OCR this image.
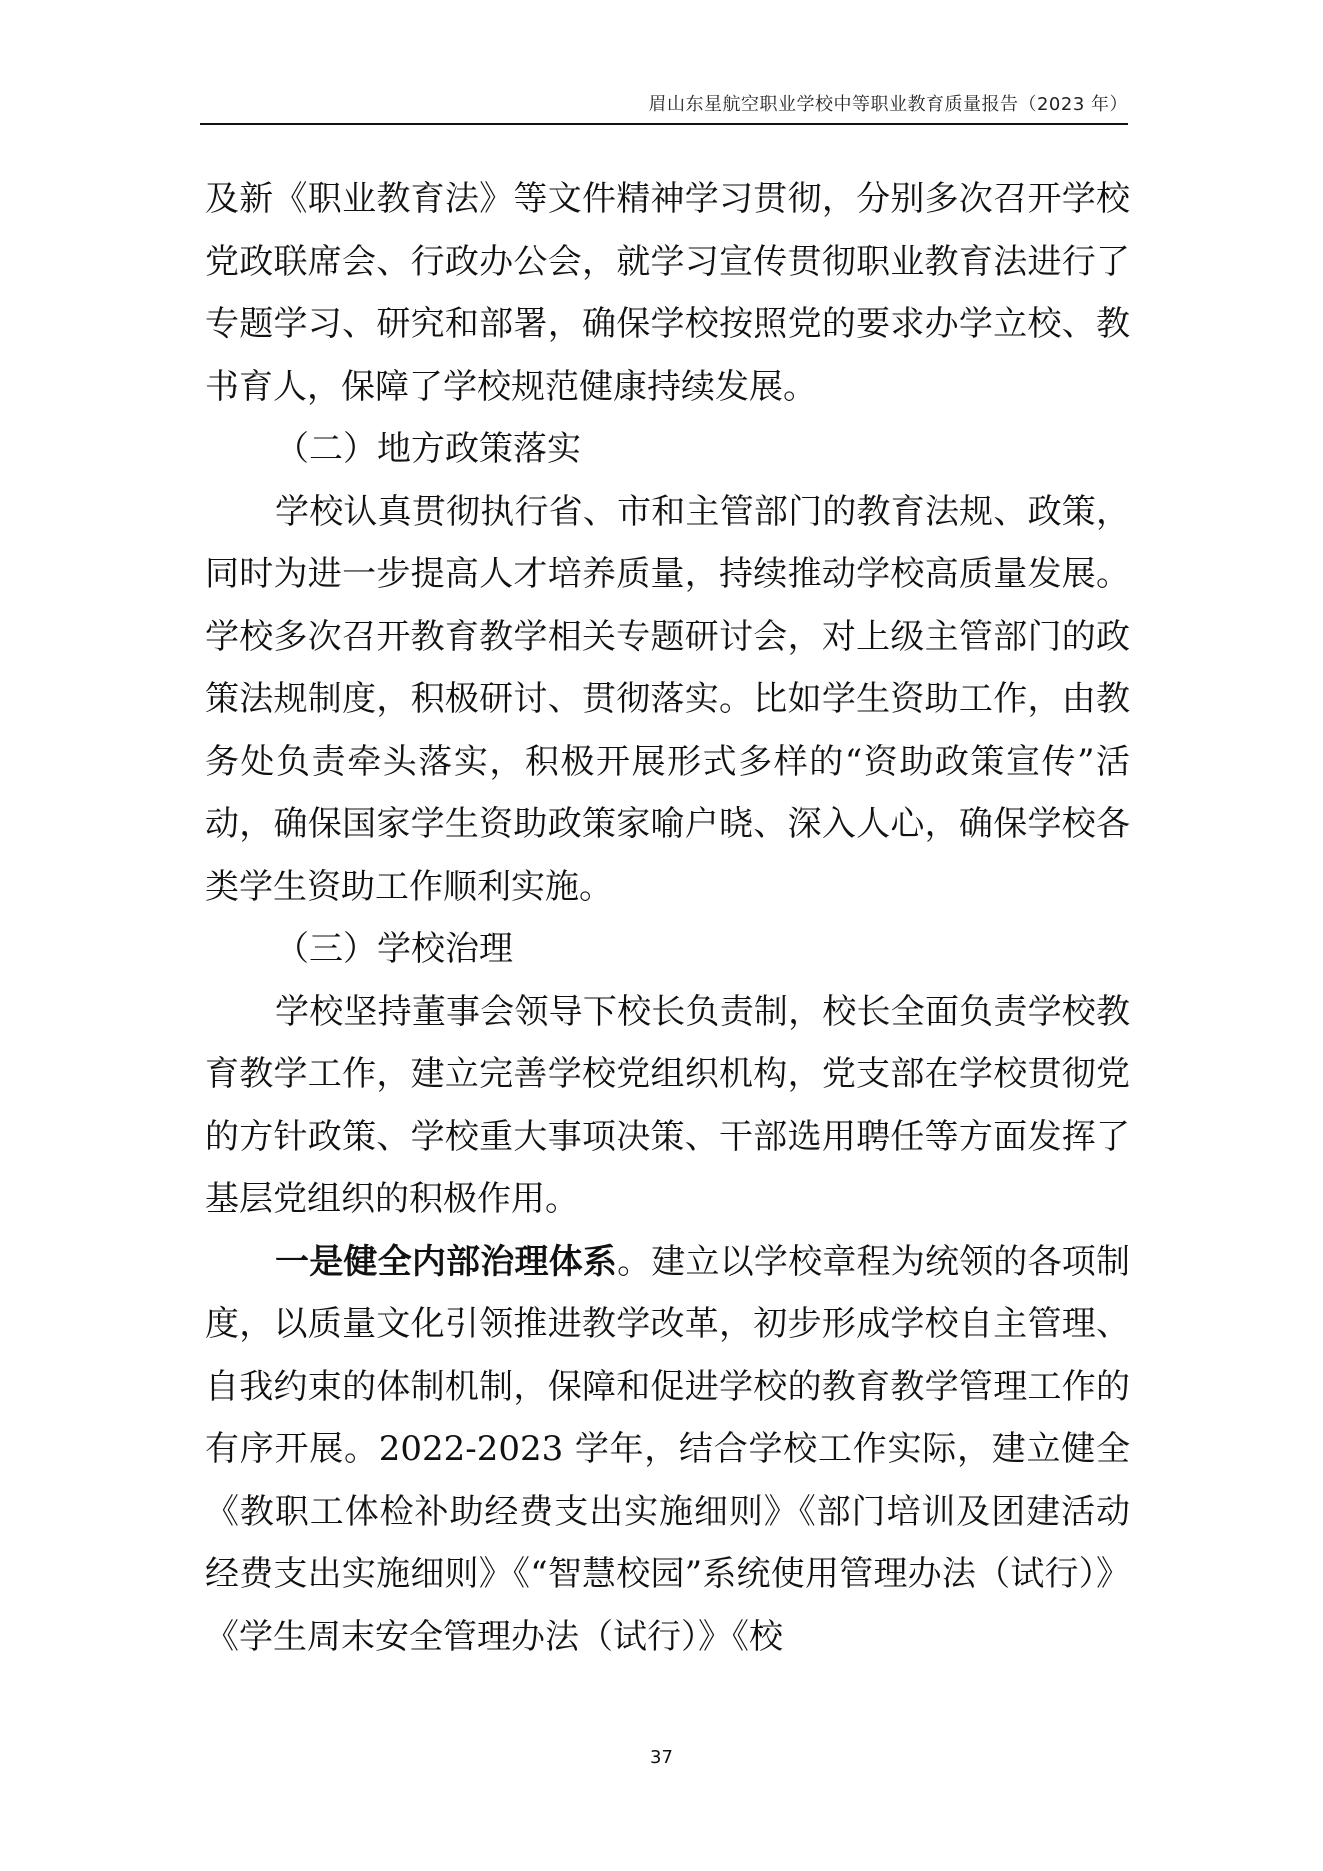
眉山东星航空职业学校中等职业教育质量报告（2023 年）

及新《职业教育法》等文件精神学习贯彻，分别多次召开学校党政联席会、行政办公会，就学习宣传贯彻职业教育法进行了专题学习、研究和部署，确保学校按照党的要求办学立校、教书育人，保障了学校规范健康持续发展。

（二）地方政策落实

学校认真贯彻执行省、市和主管部门的教育法规、政策，同时为进一步提高人才培养质量，持续推动学校高质量发展。学校多次召开教育教学相关专题研讨会，对上级主管部门的政策法规制度，积极研讨、贯彻落实。比如学生资助工作，由教务处负责牵头落实，积极开展形式多样的“资助政策宣传”活动，确保国家学生资助政策家喻户晓、深入人心，确保学校各类学生资助工作顺利实施。

（三）学校治理

学校坚持董事会领导下校长负责制，校长全面负责学校教育教学工作，建立完善学校党组织机构，党支部在学校贯彻党的方针政策、学校重大事项决策、干部选用聘任等方面发挥了基层党组织的积极作用。

一是健全内部治理体系。建立以学校章程为统领的各项制度，以质量文化引领推进教学改革，初步形成学校自主管理、 自我约束的体制机制，保障和促进学校的教育教学管理工作的有序开展。2022-2023 学年，结合学校工作实际，建立健全《教职工体检补助经费支出实施细则》《部门培训及团建活动经费支出实施细则》《“智慧校园”系统使用管理办法（试行）》《学生周末安全管理办法（试行）》《校

37
